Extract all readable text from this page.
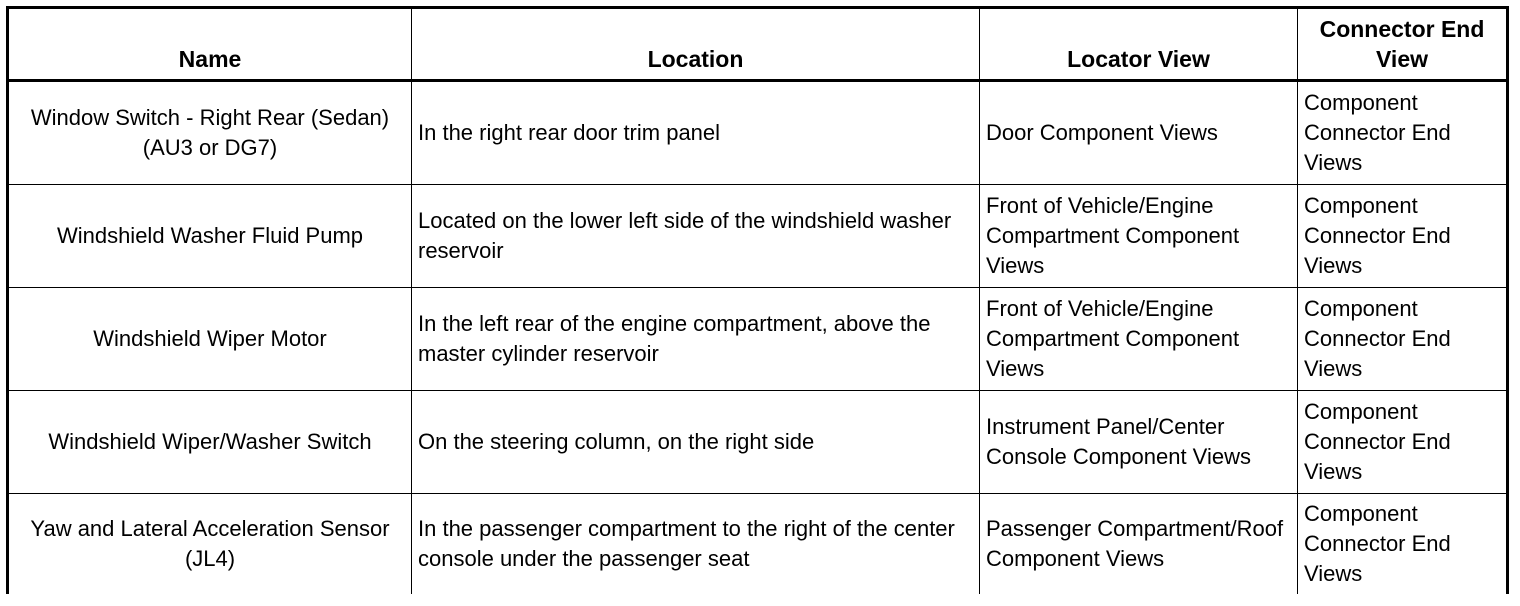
Name	Location	Locator View	Connector End View
Window Switch - Right Rear (Sedan) (AU3 or DG7)	In the right rear door trim panel	Door Component Views	Component Connector End Views
Windshield Washer Fluid Pump	Located on the lower left side of the windshield washer reservoir	Front of Vehicle/Engine Compartment Component Views	Component Connector End Views
Windshield Wiper Motor	In the left rear of the engine compartment, above the master cylinder reservoir	Front of Vehicle/Engine Compartment Component Views	Component Connector End Views
Windshield Wiper/Washer Switch	On the steering column, on the right side	Instrument Panel/Center Console Component Views	Component Connector End Views
Yaw and Lateral Acceleration Sensor (JL4)	In the passenger compartment to the right of the center console under the passenger seat	Passenger Compartment/Roof Component Views	Component Connector End Views
